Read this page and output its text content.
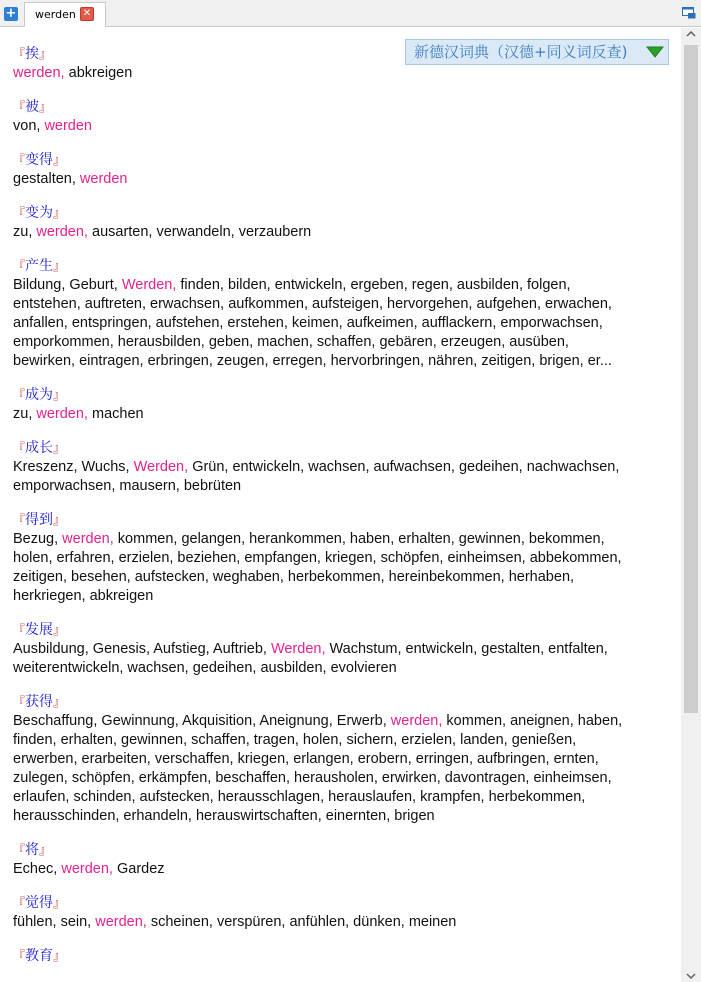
+ werden ✕
新德汉词典（汉德+同义词反查)
『挨』
werden, abkreigen
『被』
von, werden
『变得』
gestalten, werden
『变为』
zu, werden, ausarten, verwandeln, verzaubern
『产生』
Bildung, Geburt, Werden, finden, bilden, entwickeln, ergeben, regen, ausbilden, folgen,
entstehen, auftreten, erwachsen, aufkommen, aufsteigen, hervorgehen, aufgehen, erwachen,
anfallen, entspringen, aufstehen, erstehen, keimen, aufkeimen, aufflackern, emporwachsen,
emporkommen, herausbilden, geben, machen, schaffen, gebären, erzeugen, ausüben,
bewirken, eintragen, erbringen, zeugen, erregen, hervorbringen, nähren, zeitigen, brigen, er...
『成为』
zu, werden, machen
『成长』
Kreszenz, Wuchs, Werden, Grün, entwickeln, wachsen, aufwachsen, gedeihen, nachwachsen,
emporwachsen, mausern, bebrüten
『得到』
Bezug, werden, kommen, gelangen, herankommen, haben, erhalten, gewinnen, bekommen,
holen, erfahren, erzielen, beziehen, empfangen, kriegen, schöpfen, einheimsen, abbekommen,
zeitigen, besehen, aufstecken, weghaben, herbekommen, hereinbekommen, herhaben,
herkriegen, abkreigen
『发展』
Ausbildung, Genesis, Aufstieg, Auftrieb, Werden, Wachstum, entwickeln, gestalten, entfalten,
weiterentwickeln, wachsen, gedeihen, ausbilden, evolvieren
『获得』
Beschaffung, Gewinnung, Akquisition, Aneignung, Erwerb, werden, kommen, aneignen, haben,
finden, erhalten, gewinnen, schaffen, tragen, holen, sichern, erzielen, landen, genießen,
erwerben, erarbeiten, verschaffen, kriegen, erlangen, erobern, erringen, aufbringen, ernten,
zulegen, schöpfen, erkämpfen, beschaffen, herausholen, erwirken, davontragen, einheimsen,
erlaufen, schinden, aufstecken, herausschlagen, herauslaufen, krampfen, herbekommen,
herausschinden, erhandeln, herauswirtschaften, einernten, brigen
『将』
Echec, werden, Gardez
『觉得』
fühlen, sein, werden, scheinen, verspüren, anfühlen, dünken, meinen
『教育』
